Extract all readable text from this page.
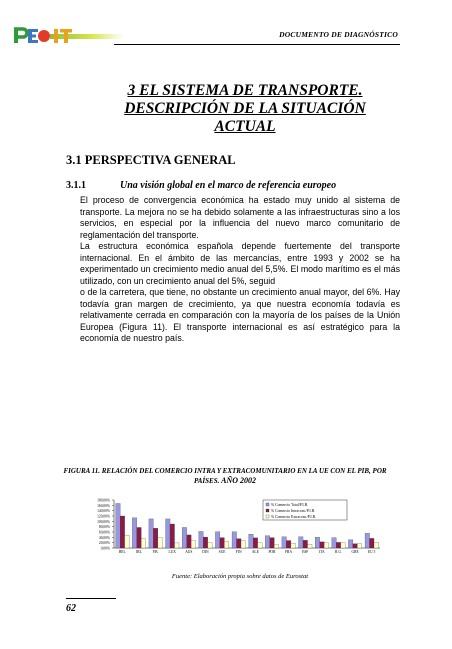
DOCUMENTO DE DIAGNÓSTICO
3 EL SISTEMA DE TRANSPORTE.
DESCRIPCIÓN DE LA SITUACIÓN
ACTUAL
3.1 PERSPECTIVA GENERAL
3.1.1	Una visión global en el marco de referencia europeo

El proceso de convergencia económica ha estado muy unido al sistema de transporte. La mejora no se ha debido solamente a las infraestructuras sino a los servicios, en especial por la influencia del nuevo marco comunitario de reglamentación del transporte.

La estructura económica española depende fuertemente del transporte internacional. En el ámbito de las mercancías, entre 1993 y 2002 se ha experimentado un crecimiento medio anual del 5,5%. El modo marítimo es el más utilizado, con un crecimiento anual del 5%, seguid

o de la carretera, que tiene, no obstante un crecimiento anual mayor, del 6%. Hay todavía gran margen de crecimiento, ya que nuestra economía todavía es relativamente cerrada en comparación con la mayoría de los países de la Unión Europea (Figura 11). El transporte internacional es así estratégico para la economía de nuestro país.

FIGURA 11. RELACIÓN DEL COMERCIO INTRA Y EXTRACOMUNITARIO EN LA UE CON EL PIB, POR PAÍSES. AÑO 2002
0,00%
20,00%
40,00%
60,00%
80,00%
100,00%
120,00%
140,00%
160,00%
180,00%
BEL	IRL	P.B.	LUX	AUS	DIN	SUE	FIN	ALE	POR	FRA	ESP	ITA	R.U.	GRE	EU 5
% Comercio Total/P.I.B.
% Comercio Intracom./P.I.B.
% Comercio Extracom./P.I.B.
Fuente: Elaboración propia sobre datos de Eurostat
62
